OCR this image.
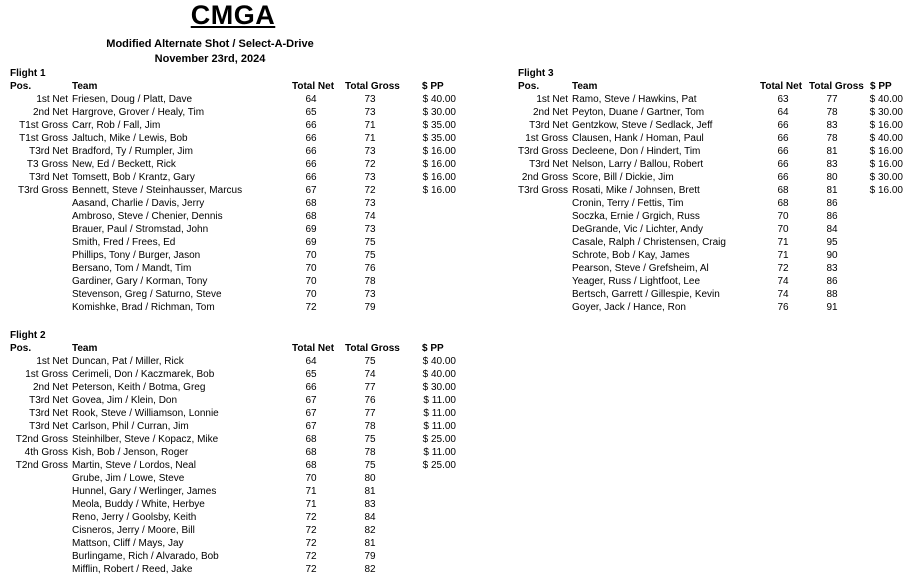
CMGA
Modified Alternate Shot / Select-A-Drive
November 23rd, 2024
Flight 1
Pos.	Team	Total Net	Total Gross	$ PP
1st Net Friesen, Doug / Platt, Dave	64	73	$ 40.00
2nd Net Hargrove, Grover / Healy, Tim	65	73	$ 30.00
T1st Gross Carr, Rob / Fall, Jim	66	71	$ 35.00
T1st Gross Jaltuch, Mike / Lewis, Bob	66	71	$ 35.00
T3rd Net Bradford, Ty / Rumpler, Jim	66	73	$ 16.00
T3 Gross New, Ed / Beckett, Rick	66	72	$ 16.00
T3rd Net Tomsett, Bob / Krantz, Gary	66	73	$ 16.00
T3rd Gross Bennett, Steve / Steinhausser, Marcus	67	72	$ 16.00
Aasand, Charlie / Davis, Jerry	68	73
Ambroso, Steve / Chenier, Dennis	68	74
Brauer, Paul / Stromstad, John	69	73
Smith, Fred / Frees, Ed	69	75
Phillips, Tony / Burger, Jason	70	75
Bersano, Tom / Mandt, Tim	70	76
Gardiner, Gary / Korman, Tony	70	78
Stevenson, Greg / Saturno, Steve	70	73
Komishke, Brad / Richman, Tom	72	79
Flight 2
Pos.	Team	Total Net	Total Gross	$ PP
1st Net Duncan, Pat / Miller, Rick	64	75	$ 40.00
1st Gross Cerimeli, Don / Kaczmarek, Bob	65	74	$ 40.00
2nd Net Peterson, Keith / Botma, Greg	66	77	$ 30.00
T3rd Net Govea, Jim / Klein, Don	67	76	$ 11.00
T3rd Net Rook, Steve / Williamson, Lonnie	67	77	$ 11.00
T3rd Net Carlson, Phil / Curran, Jim	67	78	$ 11.00
T2nd Gross Steinhilber, Steve / Kopacz, Mike	68	75	$ 25.00
4th Gross Kish, Bob / Jenson, Roger	68	78	$ 11.00
T2nd Gross Martin, Steve / Lordos, Neal	68	75	$ 25.00
Grube, Jim / Lowe, Steve	70	80
Hunnel, Gary / Werlinger, James	71	81
Meola, Buddy / White, Herbye	71	83
Reno, Jerry / Goolsby, Keith	72	84
Cisneros, Jerry / Moore, Bill	72	82
Mattson, Cliff / Mays, Jay	72	81
Burlingame, Rich / Alvarado, Bob	72	79
Mifflin, Robert / Reed, Jake	72	82
Flight 3
Pos.	Team	Total Net Total Gross $ PP
1st Net Ramo, Steve / Hawkins, Pat	63	77	$ 40.00
2nd Net Peyton, Duane / Gartner, Tom	64	78	$ 30.00
T3rd Net Gentzkow, Steve / Sedlack, Jeff	66	83	$ 16.00
1st Gross Clausen, Hank / Homan, Paul	66	78	$ 40.00
T3rd Gross Decleene, Don / Hindert, Tim	66	81	$ 16.00
T3rd Net Nelson, Larry / Ballou, Robert	66	83	$ 16.00
2nd Gross Score, Bill / Dickie, Jim	66	80	$ 30.00
T3rd Gross Rosati, Mike / Johnsen, Brett	68	81	$ 16.00
Cronin, Terry / Fettis, Tim	68	86
Soczka, Ernie / Grgich, Russ	70	86
DeGrande, Vic / Lichter, Andy	70	84
Casale, Ralph / Christensen, Craig	71	95
Schrote, Bob / Kay, James	71	90
Pearson, Steve / Grefsheim, Al	72	83
Yeager, Russ / Lightfoot, Lee	74	86
Bertsch, Garrett / Gillespie, Kevin	74	88
Goyer, Jack / Hance, Ron	76	91
